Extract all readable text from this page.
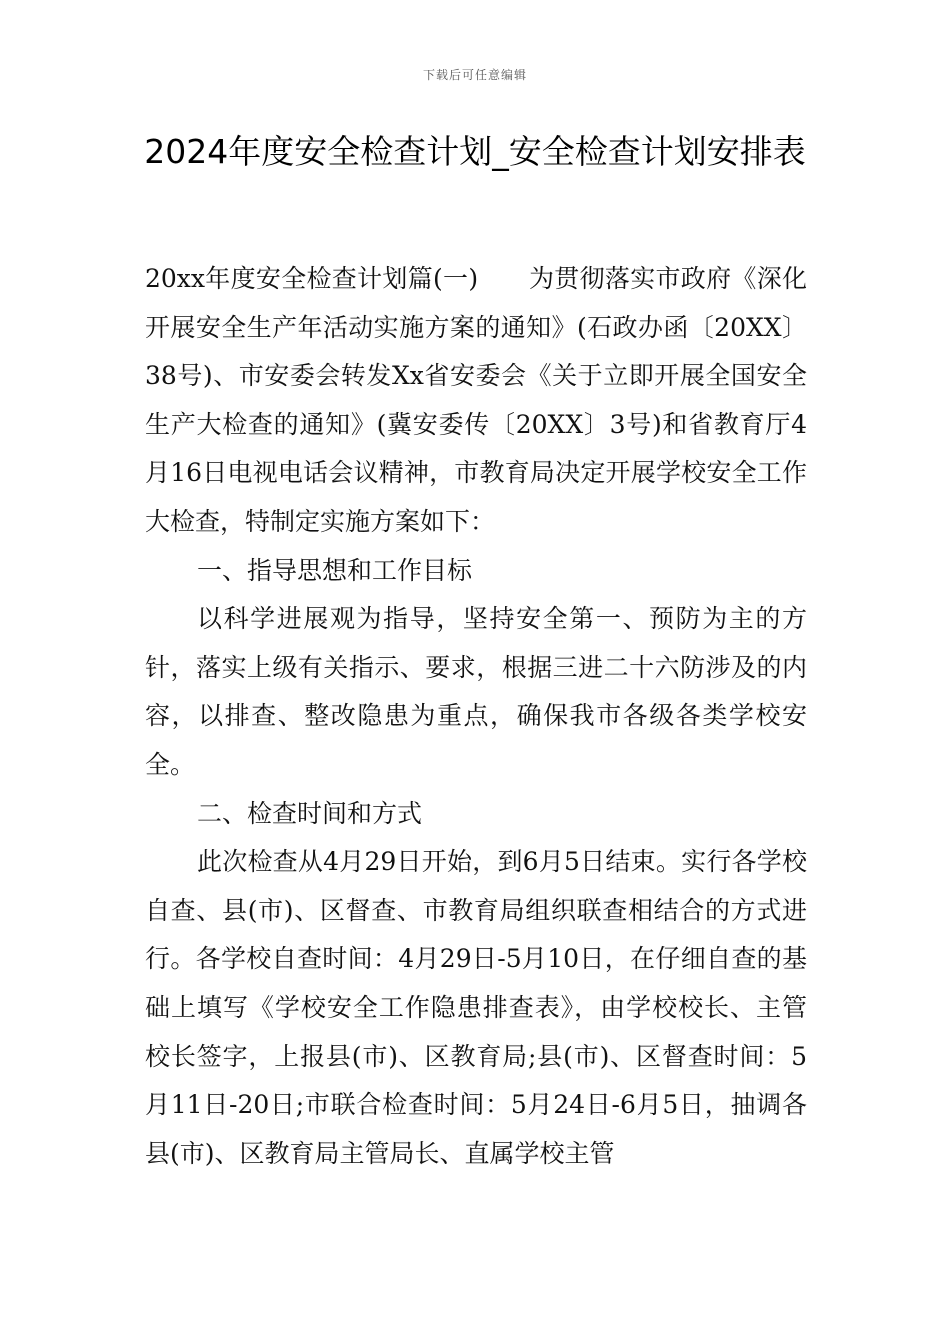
下载后可任意编辑
2024年度安全检查计划_安全检查计划安排表

20xx年度安全检查计划篇(一)　　为贯彻落实市政府《深化开展安全生产年活动实施方案的通知》(石政办函〔20XX〕38号)、市安委会转发Xx省安委会《关于立即开展全国安全生产大检查的通知》(冀安委传〔20XX〕3号)和省教育厅4月16日电视电话会议精神，市教育局决定开展学校安全工作大检查，特制定实施方案如下：

一、指导思想和工作目标

以科学进展观为指导，坚持安全第一、预防为主的方针，落实上级有关指示、要求，根据三进二十六防涉及的内容，以排查、整改隐患为重点，确保我市各级各类学校安全。

二、检查时间和方式

此次检查从4月29日开始，到6月5日结束。实行各学校自查、县(市)、区督查、市教育局组织联查相结合的方式进行。各学校自查时间：4月29日-5月10日，在仔细自查的基础上填写《学校安全工作隐患排查表》，由学校校长、主管校长签字，上报县(市)、区教育局;县(市)、区督查时间：5月11日-20日;市联合检查时间：5月24日-6月5日，抽调各县(市)、区教育局主管局长、直属学校主管
